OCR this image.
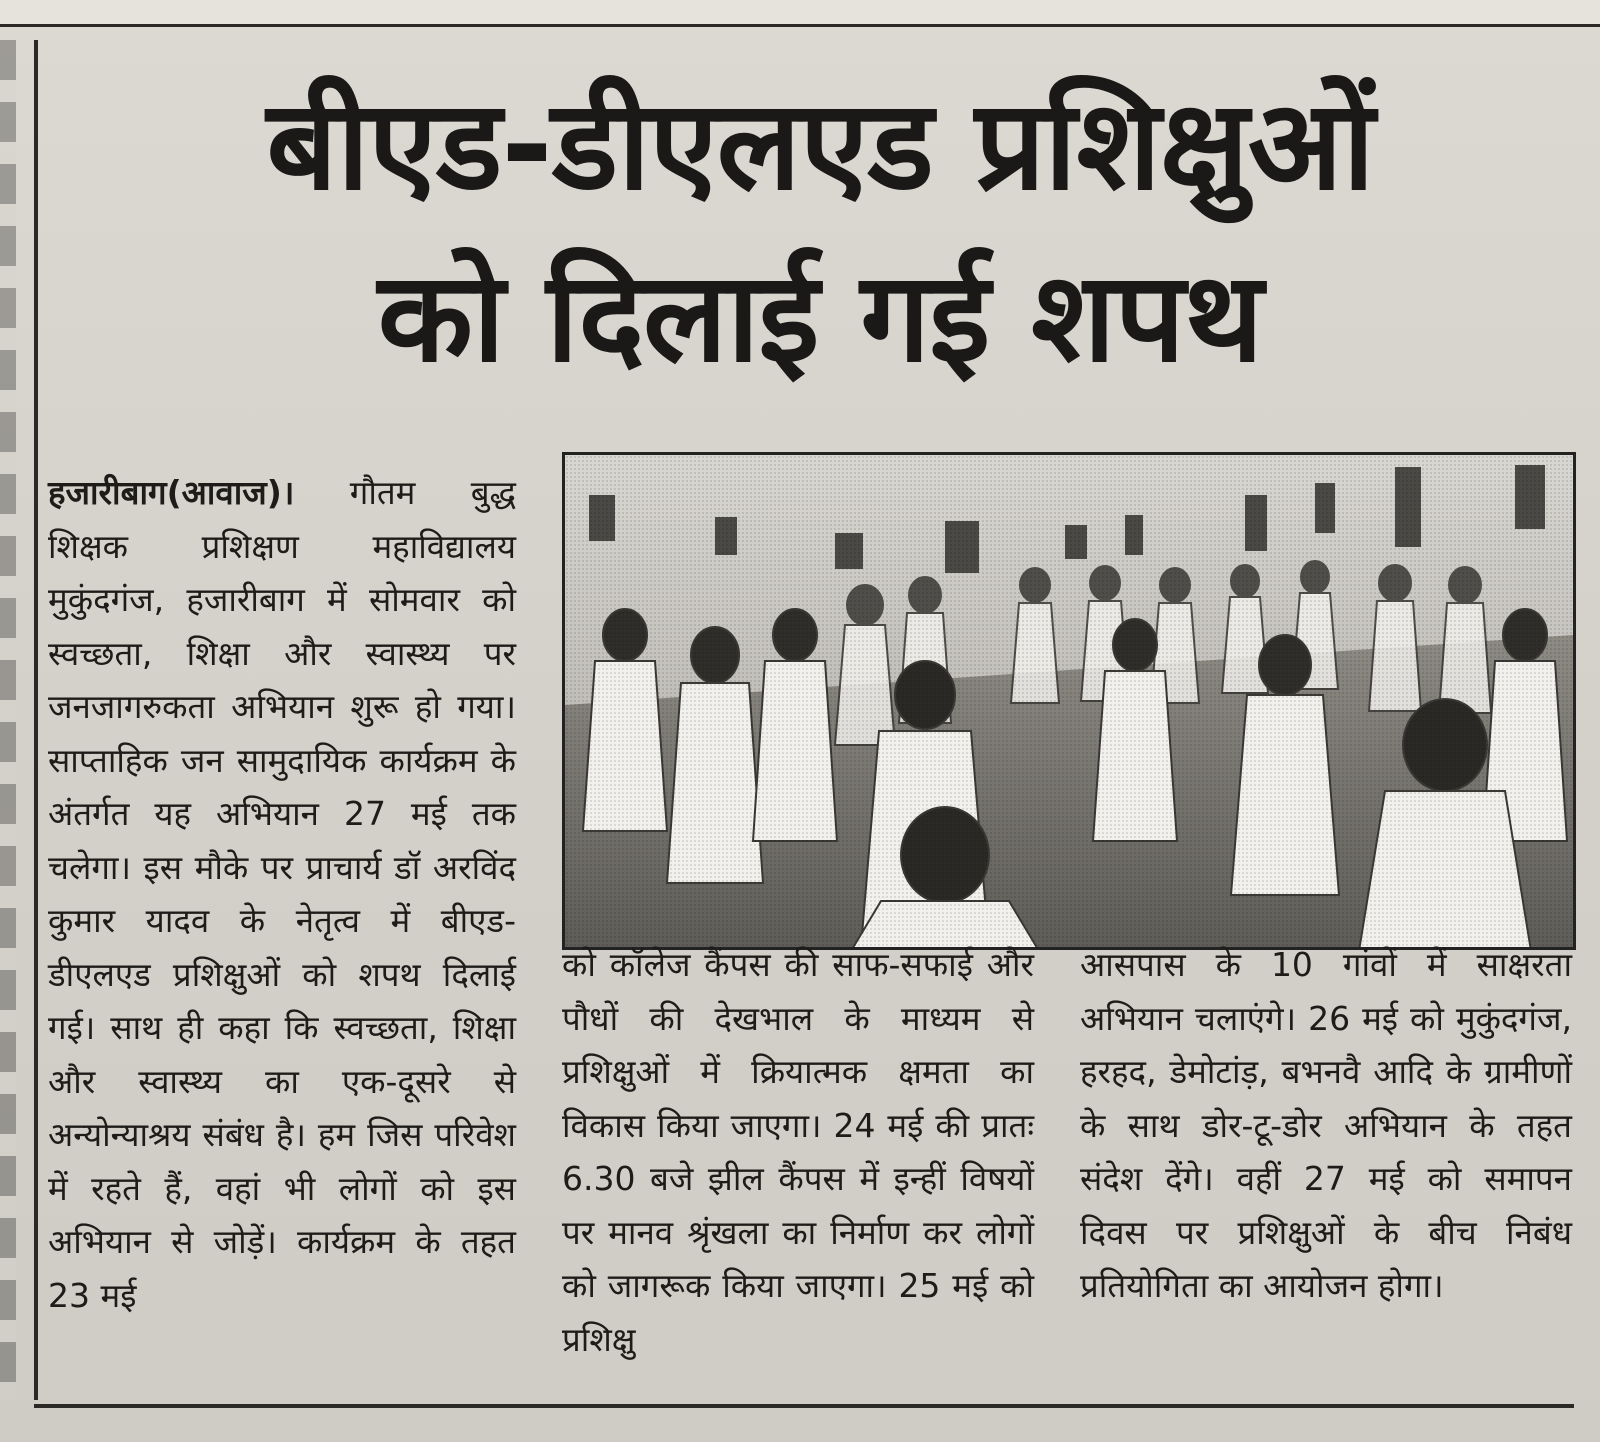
बीएड-डीएलएड प्रशिक्षुओं
को दिलाई गई शपथ

हजारीबाग(आवाज)। गौतम बुद्ध शिक्षक प्रशिक्षण महाविद्यालय मुकुंदगंज, हजारीबाग में सोमवार को स्वच्छता, शिक्षा और स्वास्थ्य पर जनजागरुकता अभियान शुरू हो गया। साप्ताहिक जन सामुदायिक कार्यक्रम के अंतर्गत यह अभियान 27 मई तक चलेगा। इस मौके पर प्राचार्य डॉ अरविंद कुमार यादव के नेतृत्व में बीएड-डीएलएड प्रशिक्षुओं को शपथ दिलाई गई। साथ ही कहा कि स्वच्छता, शिक्षा और स्वास्थ्य का एक-दूसरे से अन्योन्याश्रय संबंध है। हम जिस परिवेश में रहते हैं, वहां भी लोगों को इस अभियान से जोड़ें। कार्यक्रम के तहत 23 मई

को कॉलेज कैंपस की साफ-सफाई और पौधों की देखभाल के माध्यम से प्रशिक्षुओं में क्रियात्मक क्षमता का विकास किया जाएगा। 24 मई की प्रातः 6.30 बजे झील कैंपस में इन्हीं विषयों पर मानव श्रृंखला का निर्माण कर लोगों को जागरूक किया जाएगा। 25 मई को प्रशिक्षु

आसपास के 10 गांवों में साक्षरता अभियान चलाएंगे। 26 मई को मुकुंदगंज, हरहद, डेमोटांड़, बभनवै आदि के ग्रामीणों के साथ डोर-टू-डोर अभियान के तहत संदेश देंगे। वहीं 27 मई को समापन दिवस पर प्रशिक्षुओं के बीच निबंध प्रतियोगिता का आयोजन होगा।
